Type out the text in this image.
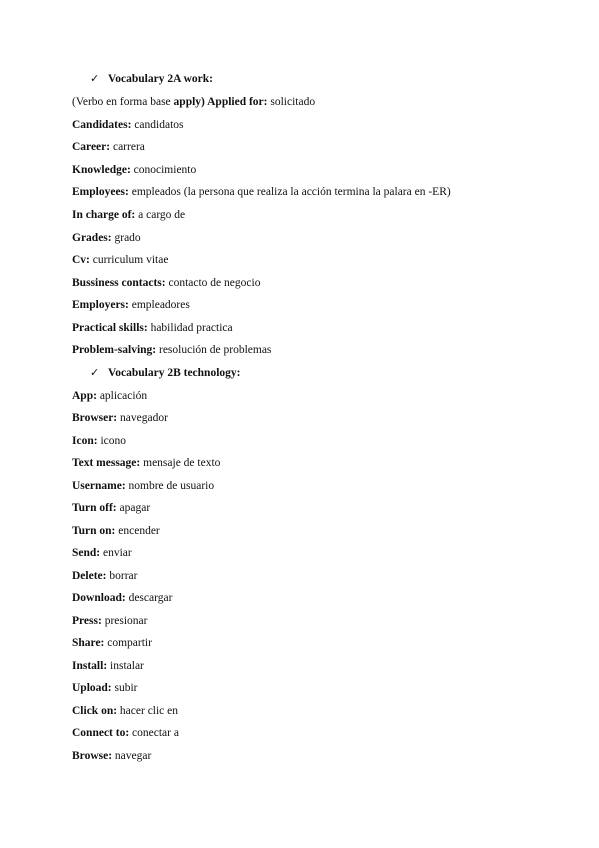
✓ Vocabulary 2A work:
(Verbo en forma base apply) Applied for: solicitado
Candidates: candidatos
Career: carrera
Knowledge: conocimiento
Employees: empleados (la persona que realiza la acción termina la palara en -ER)
In charge of: a cargo de
Grades: grado
Cv: curriculum vitae
Bussiness contacts: contacto de negocio
Employers: empleadores
Practical skills: habilidad practica
Problem-salving: resolución de problemas
✓ Vocabulary 2B technology:
App: aplicación
Browser: navegador
Icon: icono
Text message: mensaje de texto
Username: nombre de usuario
Turn off: apagar
Turn on: encender
Send: enviar
Delete: borrar
Download: descargar
Press: presionar
Share: compartir
Install: instalar
Upload: subir
Click on: hacer clic en
Connect to: conectar a
Browse: navegar
